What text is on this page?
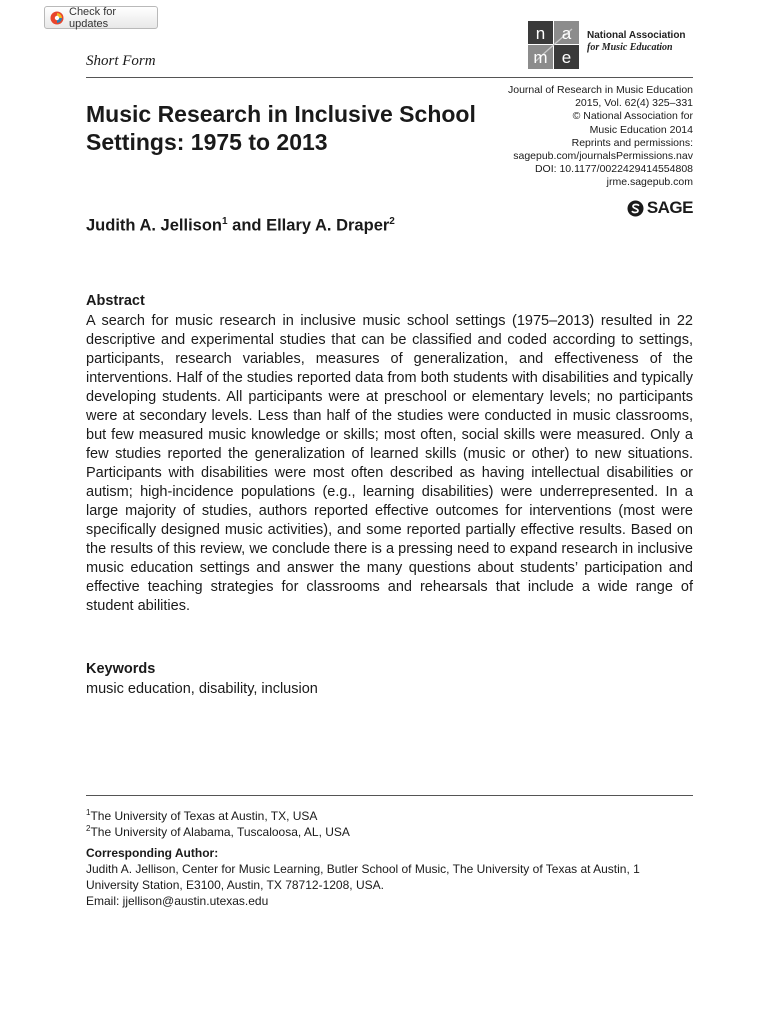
Check for updates
Short Form
n a
m e
National Association
for Music Education
Music Research in Inclusive School Settings: 1975 to 2013
Journal of Research in Music Education
2015, Vol. 62(4) 325–331
© National Association for
Music Education 2014
Reprints and permissions:
sagepub.com/journalsPermissions.nav
DOI: 10.1177/0022429414554808
jrme.sagepub.com
SAGE
Judith A. Jellison$^1$ and Ellary A. Draper$^2$
Abstract

A search for music research in inclusive music school settings (1975–2013) resulted in 22 descriptive and experimental studies that can be classified and coded according to settings, participants, research variables, measures of generalization, and effectiveness of the interventions. Half of the studies reported data from both students with disabilities and typically developing students. All participants were at preschool or elementary levels; no participants were at secondary levels. Less than half of the studies were conducted in music classrooms, but few measured music knowledge or skills; most often, social skills were measured. Only a few studies reported the generalization of learned skills (music or other) to new situations. Participants with disabilities were most often described as having intellectual disabilities or autism; high-incidence populations (e.g., learning disabilities) were underrepresented. In a large majority of studies, authors reported effective outcomes for interventions (most were specifically designed music activities), and some reported partially effective results. Based on the results of this review, we conclude there is a pressing need to expand research in inclusive music education settings and answer the many questions about students’ participation and effective teaching strategies for classrooms and rehearsals that include a wide range of student abilities.

Keywords
music education, disability, inclusion
$^1$The University of Texas at Austin, TX, USA
$^2$The University of Alabama, Tuscaloosa, AL, USA
Corresponding Author:
Judith A. Jellison, Center for Music Learning, Butler School of Music, The University of Texas at Austin, 1 University Station, E3100, Austin, TX 78712-1208, USA.
Email: jjellison@austin.utexas.edu
